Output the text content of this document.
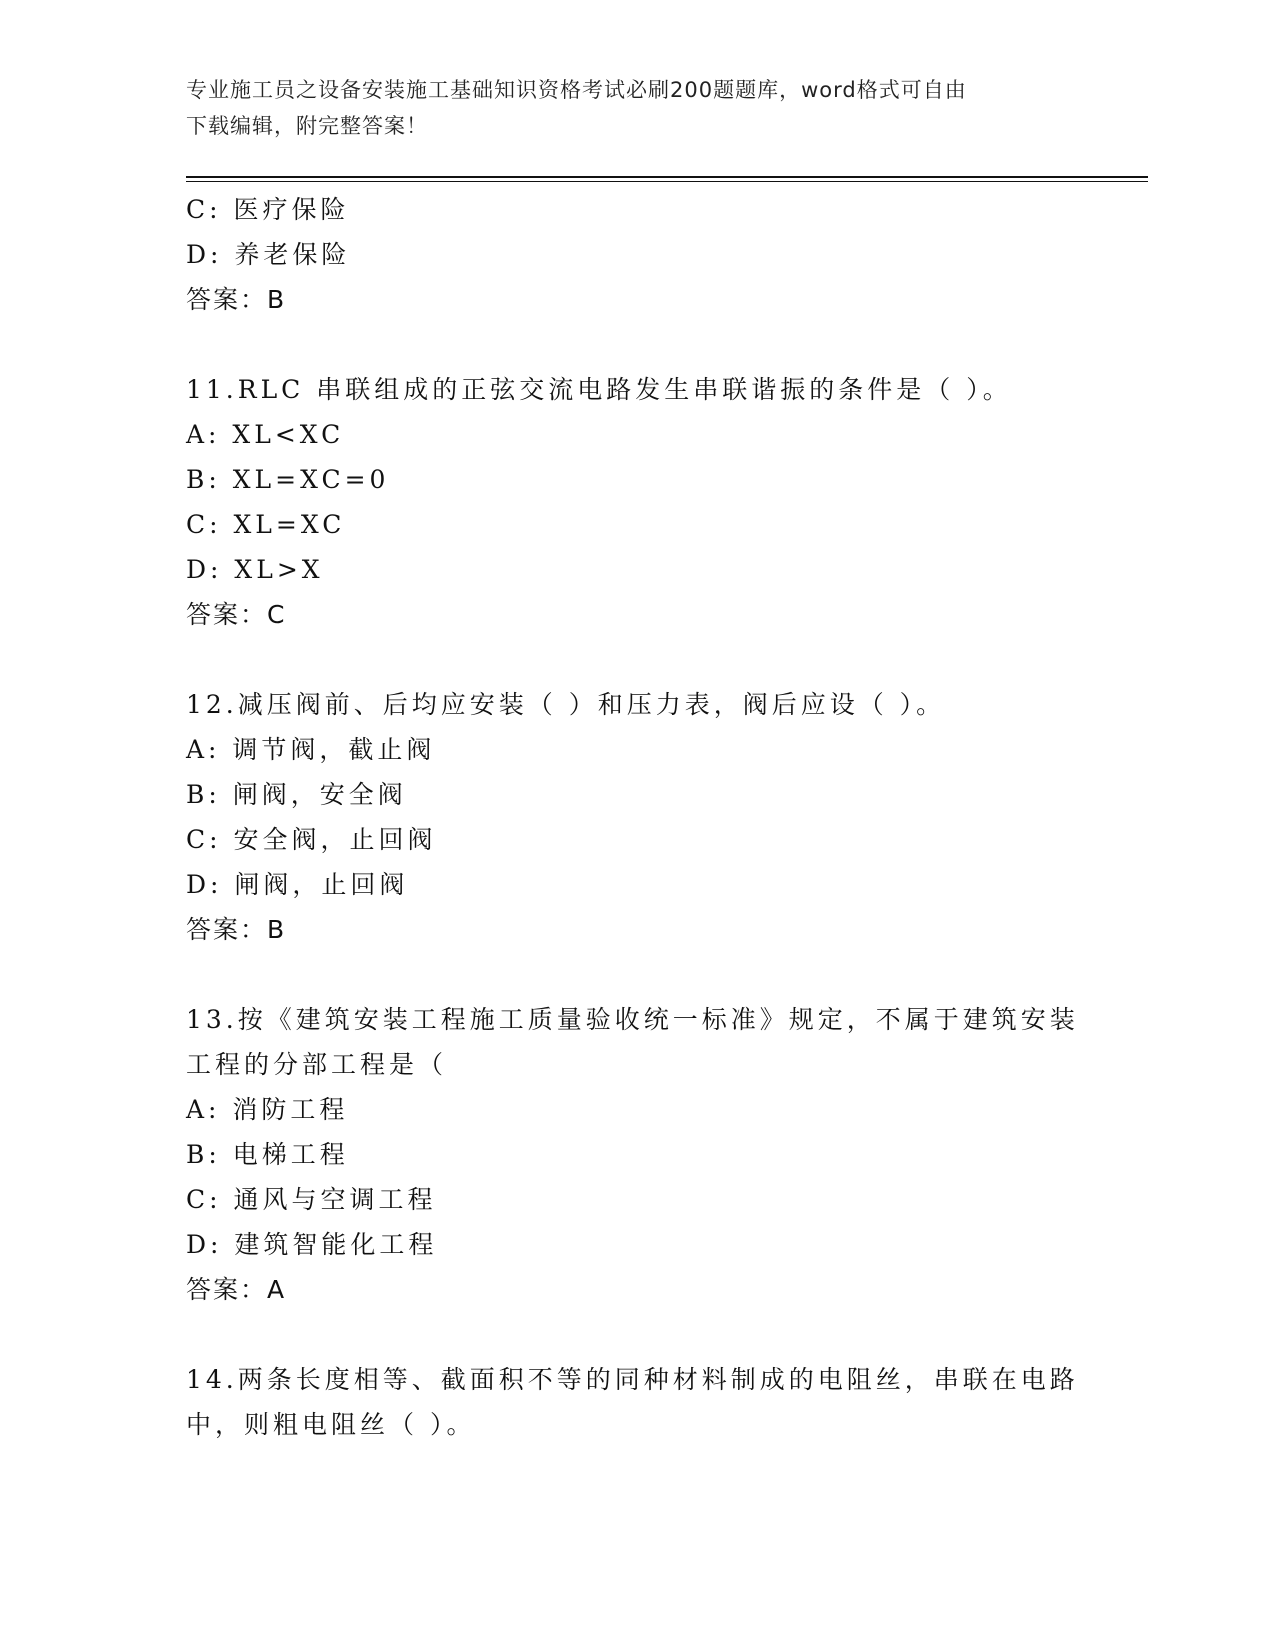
专业施工员之设备安装施工基础知识资格考试必刷200题题库，word格式可自由
下载编辑，附完整答案！
C: 医疗保险
D: 养老保险
答案：B
11.RLC 串联组成的正弦交流电路发生串联谐振的条件是（ ）。
A: XL<XC
B: XL=XC=0
C: XL=XC
D: XL>X
答案：C
12.减压阀前、后均应安装（ ）和压力表，阀后应设（ ）。
A: 调节阀，截止阀
B: 闸阀，安全阀
C: 安全阀，止回阀
D: 闸阀，止回阀
答案：B
13.按《建筑安装工程施工质量验收统一标准》规定，不属于建筑安装
工程的分部工程是（
A: 消防工程
B: 电梯工程
C: 通风与空调工程
D: 建筑智能化工程
答案：A
14.两条长度相等、截面积不等的同种材料制成的电阻丝，串联在电路
中，则粗电阻丝（ ）。
